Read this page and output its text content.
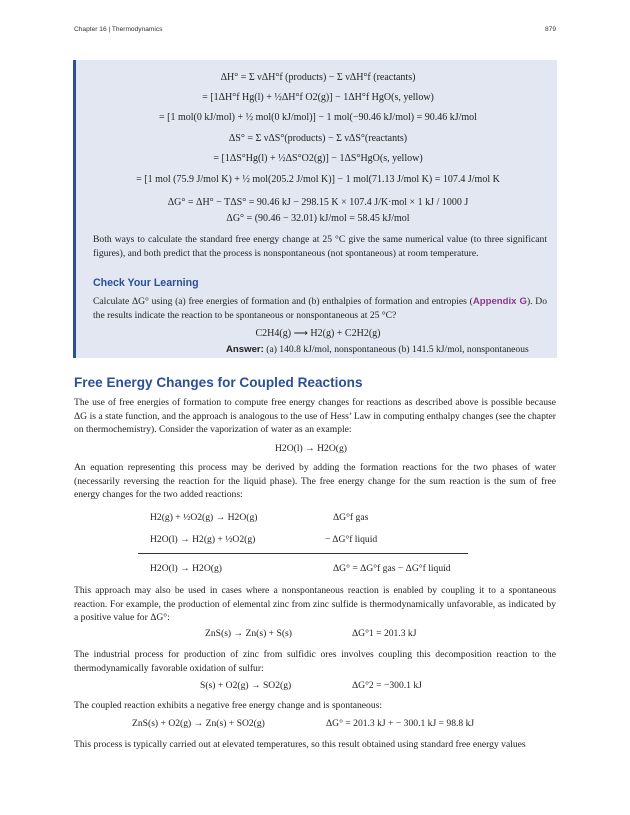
Chapter 16 | Thermodynamics	879
ΔH° = Σ νΔH°f (products) − Σ νΔH°f (reactants)
= [1ΔH°f Hg(l) + ½ΔH°f O2(g)] − 1ΔH°f HgO(s, yellow)
= [1 mol(0 kJ/mol) + ½ mol(0 kJ/mol)] − 1 mol(−90.46 kJ/mol) = 90.46 kJ/mol
ΔS° = Σ νΔS°(products) − Σ νΔS°(reactants)
= [1ΔS°Hg(l) + ½ΔS°O2(g)] − 1ΔS°HgO(s, yellow)
= [1 mol (75.9 J/mol K) + ½ mol(205.2 J/mol K)] − 1 mol(71.13 J/mol K) = 107.4 J/mol K
ΔG° = ΔH° − TΔS° = 90.46 kJ − 298.15 K × 107.4 J/K·mol × 1 kJ / 1000 J
ΔG° = (90.46 − 32.01) kJ/mol = 58.45 kJ/mol
Both ways to calculate the standard free energy change at 25 °C give the same numerical value (to three significant figures), and both predict that the process is nonspontaneous (not spontaneous) at room temperature.
Check Your Learning
Calculate ΔG° using (a) free energies of formation and (b) enthalpies of formation and entropies (Appendix G). Do the results indicate the reaction to be spontaneous or nonspontaneous at 25 °C?
C2H4(g) ⟶ H2(g) + C2H2(g)
Answer: (a) 140.8 kJ/mol, nonspontaneous (b) 141.5 kJ/mol, nonspontaneous
Free Energy Changes for Coupled Reactions
The use of free energies of formation to compute free energy changes for reactions as described above is possible because ΔG is a state function, and the approach is analogous to the use of Hess’ Law in computing enthalpy changes (see the chapter on thermochemistry). Consider the vaporization of water as an example:
H2O(l) → H2O(g)
An equation representing this process may be derived by adding the formation reactions for the two phases of water (necessarily reversing the reaction for the liquid phase). The free energy change for the sum reaction is the sum of free energy changes for the two added reactions:
H2(g) + ½O2(g) → H2O(g)	ΔG°f gas
H2O(l) → H2(g) + ½O2(g)	− ΔG°f liquid
H2O(l) → H2O(g)	ΔG° = ΔG°f gas − ΔG°f liquid
This approach may also be used in cases where a nonspontaneous reaction is enabled by coupling it to a spontaneous reaction. For example, the production of elemental zinc from zinc sulfide is thermodynamically unfavorable, as indicated by a positive value for ΔG°:
ZnS(s) → Zn(s) + S(s)	ΔG°1 = 201.3 kJ
The industrial process for production of zinc from sulfidic ores involves coupling this decomposition reaction to the thermodynamically favorable oxidation of sulfur:
S(s) + O2(g) → SO2(g)	ΔG°2 = −300.1 kJ
The coupled reaction exhibits a negative free energy change and is spontaneous:
ZnS(s) + O2(g) → Zn(s) + SO2(g)	ΔG° = 201.3 kJ + − 300.1 kJ = 98.8 kJ
This process is typically carried out at elevated temperatures, so this result obtained using standard free energy values
